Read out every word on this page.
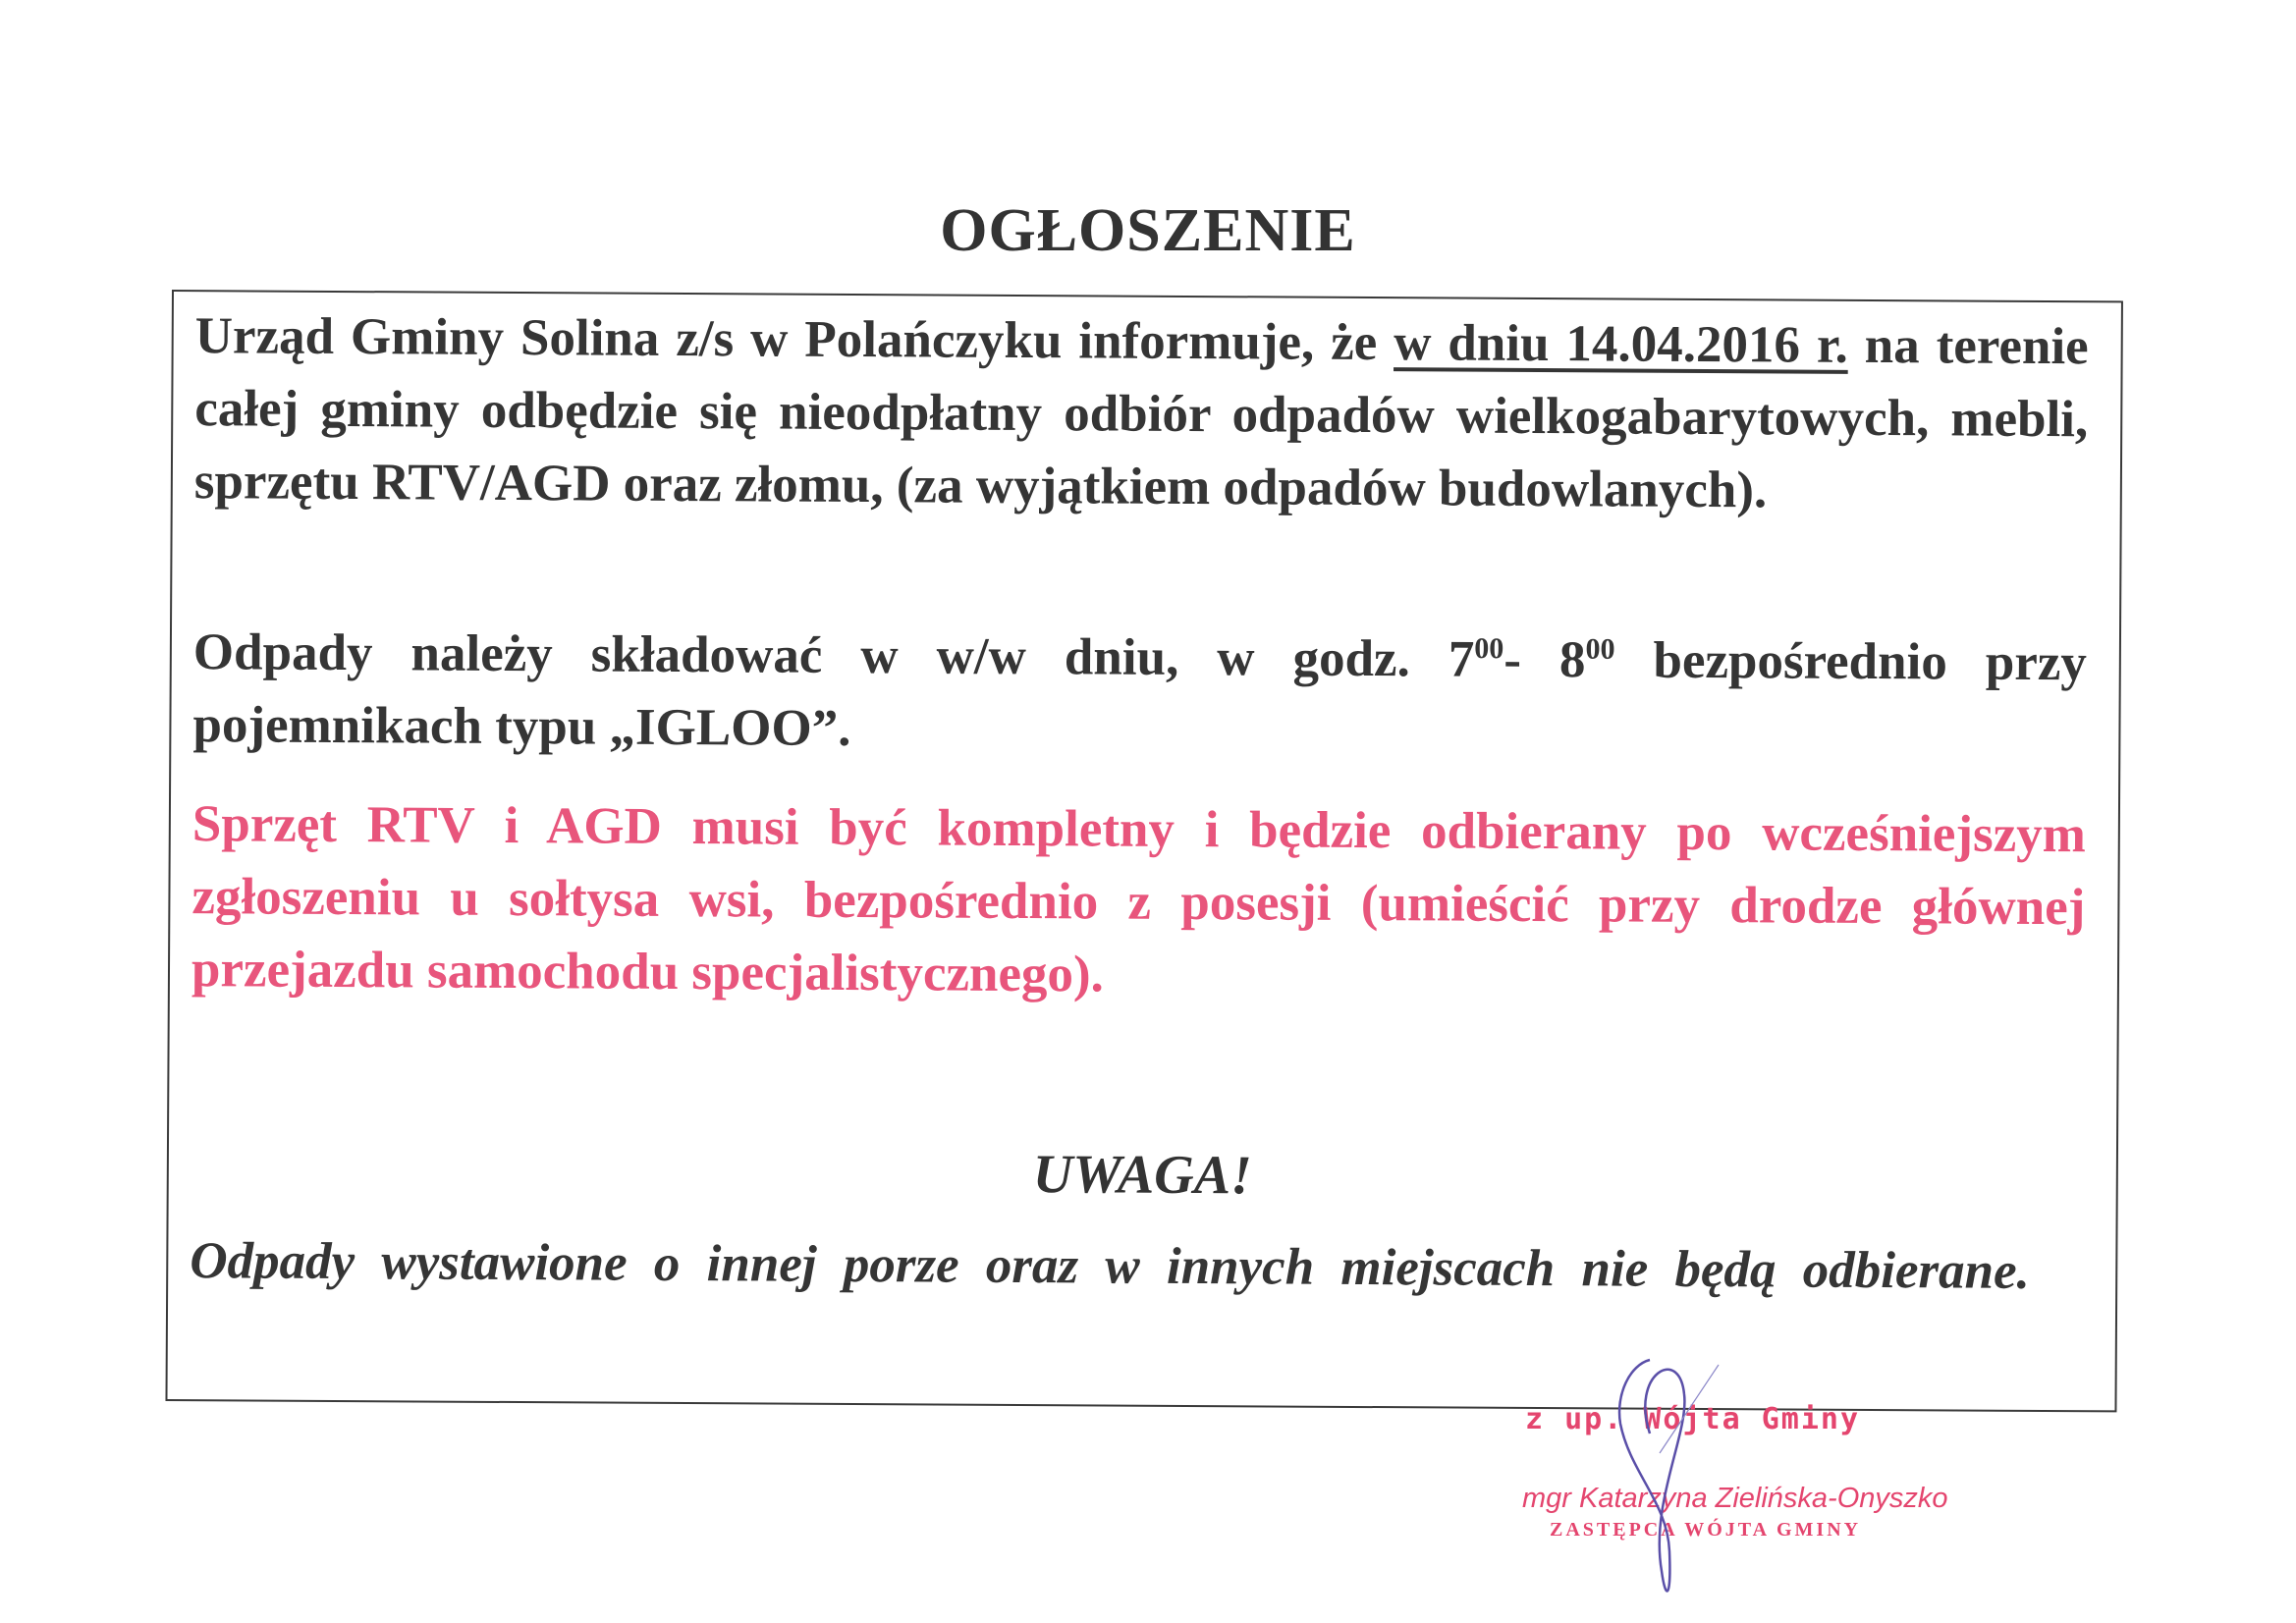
OGŁOSZENIE
Urząd Gminy Solina z/s w Polańczyku informuje, że w dniu 14.04.2016 r. na terenie całej gminy odbędzie się nieodpłatny odbiór odpadów wielkogabarytowych, mebli, sprzętu RTV/AGD oraz złomu, (za wyjątkiem odpadów budowlanych).
Odpady należy składować w w/w dniu, w godz. $7^{00}-$ $8^{00}$ bezpośrednio przy pojemnikach typu „IGLOO”.
Sprzęt RTV i AGD musi być kompletny i będzie odbierany po wcześniejszym zgłoszeniu u sołtysa wsi, bezpośrednio z posesji (umieścić przy drodze głównej przejazdu samochodu specjalistycznego).
UWAGA!
Odpady wystawione o innej porze oraz w innych miejscach nie będą odbierane.
z up. Wójta Gminy
mgr Katarzyna Zielińska-Onyszko
ZASTĘPCA WÓJTA GMINY
